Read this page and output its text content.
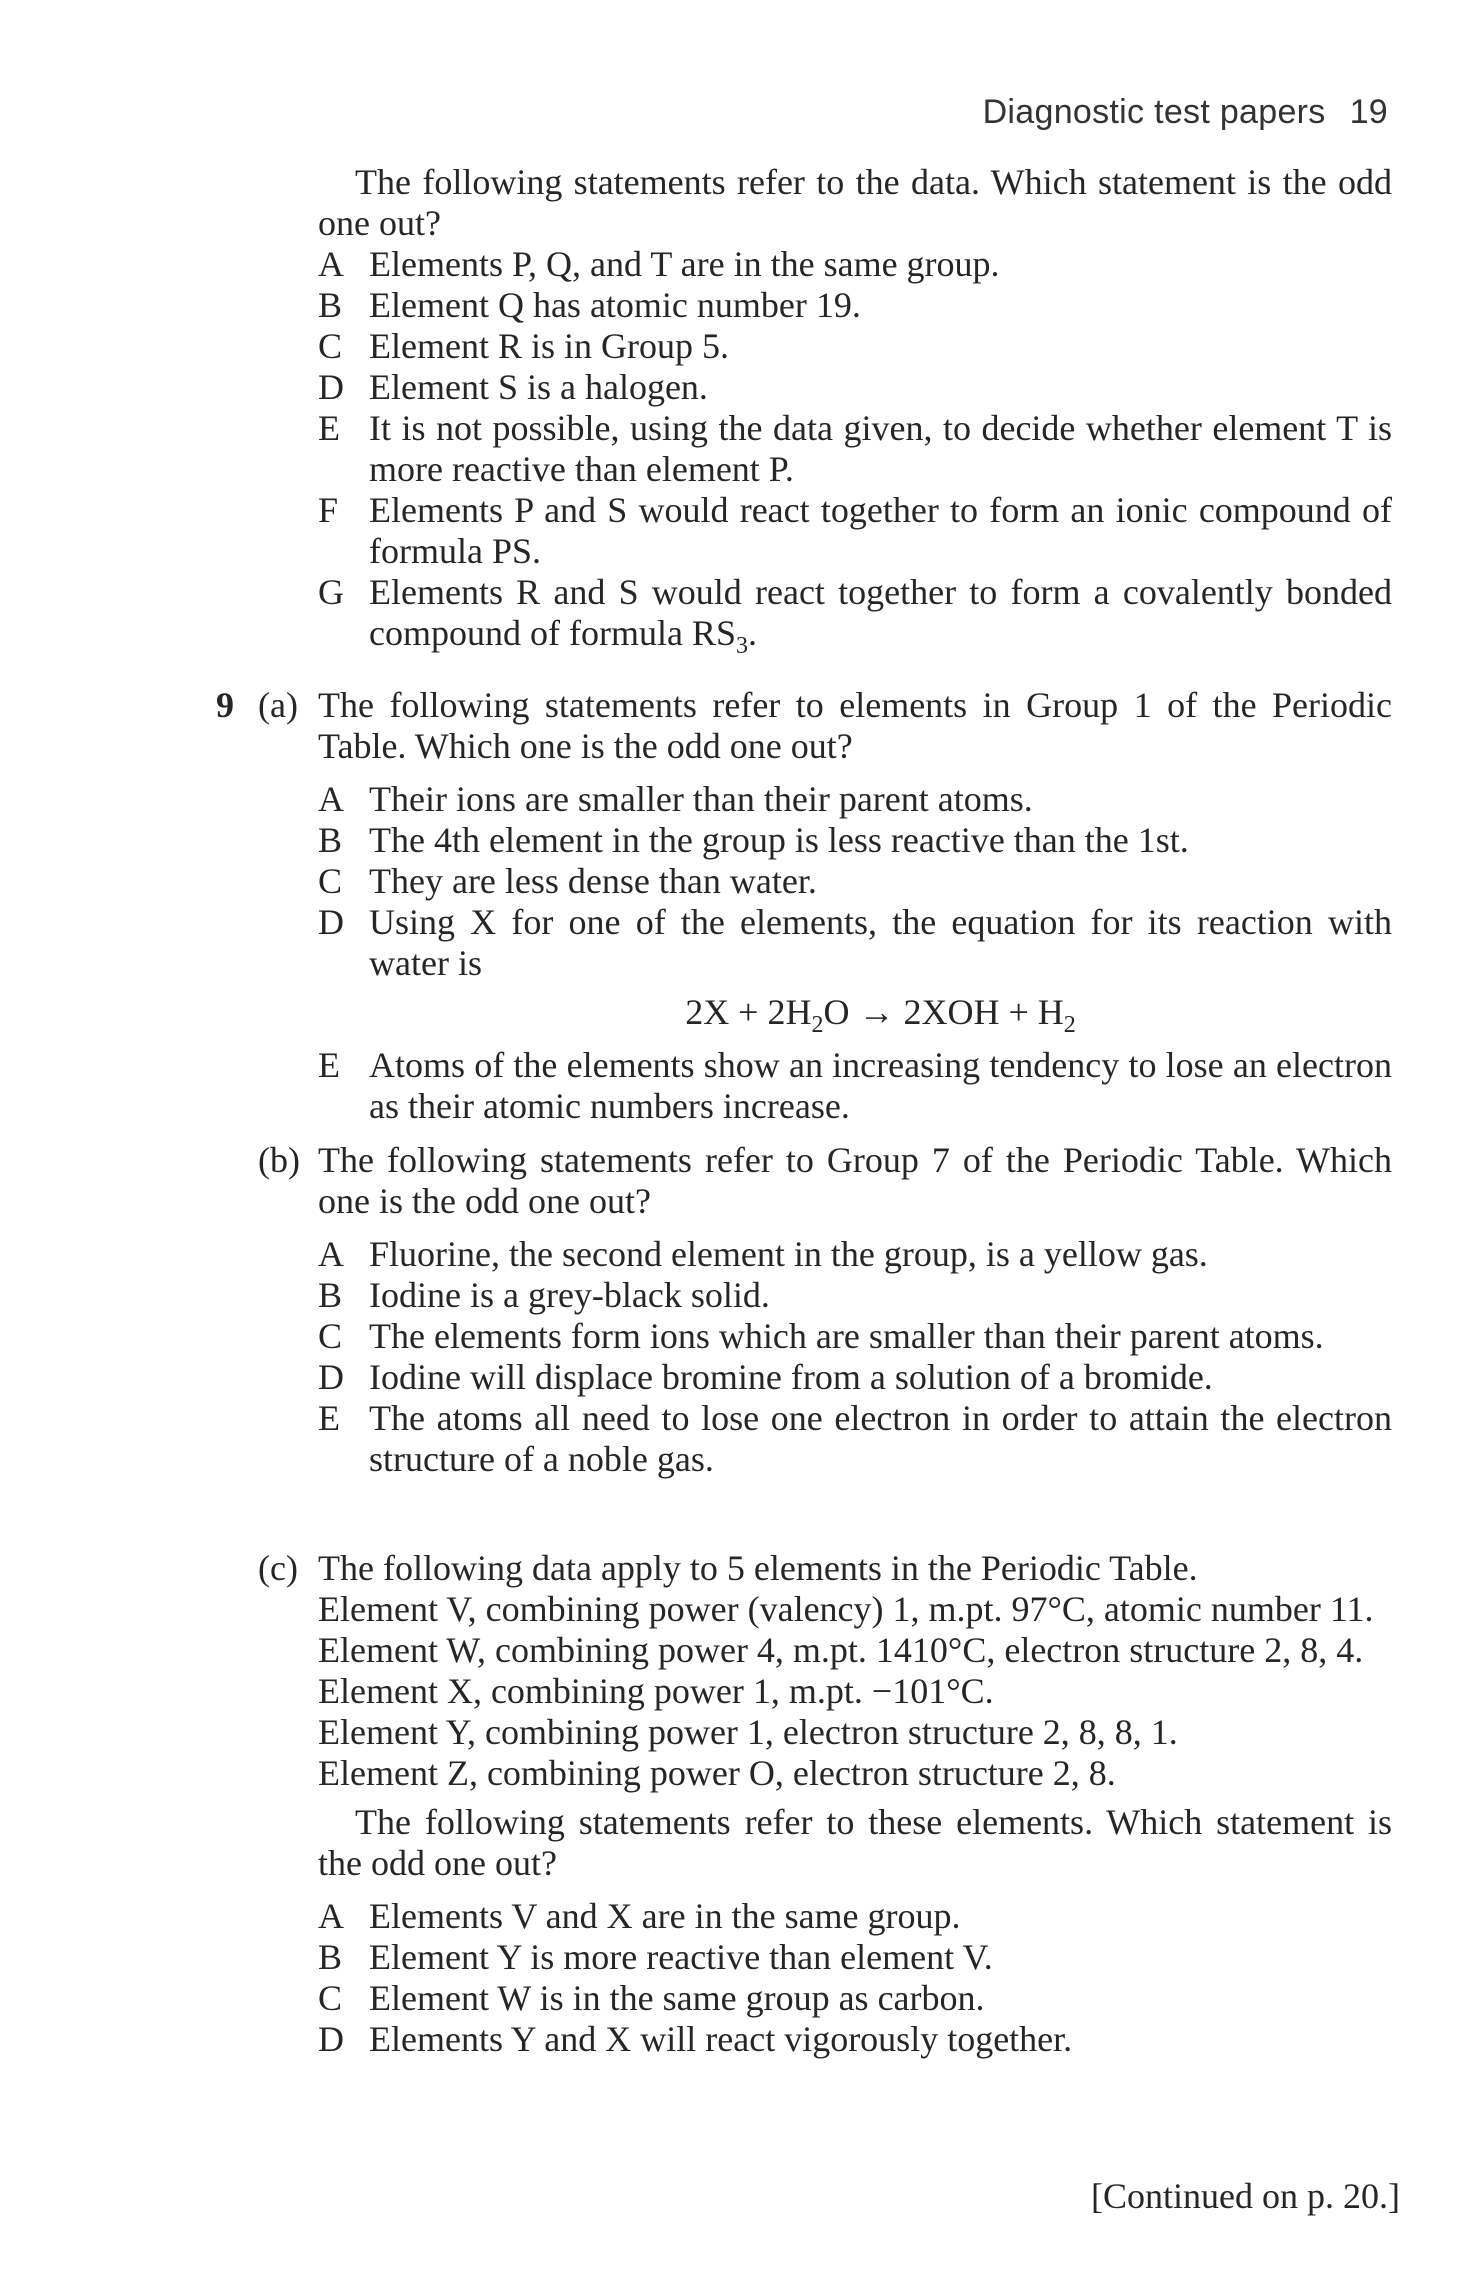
Diagnostic test papers 19

The following statements refer to the data. Which statement is the odd one out?

A Elements P, Q, and T are in the same group.
B Element Q has atomic number 19.
C Element R is in Group 5.
D Element S is a halogen.
E It is not possible, using the data given, to decide whether element T is more reactive than element P.
F Elements P and S would react together to form an ionic compound of formula PS.
G Elements R and S would react together to form a covalently bonded compound of formula $RS_3$.
9 (a) The following statements refer to elements in Group 1 of the Periodic Table. Which one is the odd one out?
A Their ions are smaller than their parent atoms.
B The 4th element in the group is less reactive than the 1st.
C They are less dense than water.
D Using X for one of the elements, the equation for its reaction with water is
$2X + 2H_2O \to 2XOH + H_2$
E Atoms of the elements show an increasing tendency to lose an electron as their atomic numbers increase.
(b) The following statements refer to Group 7 of the Periodic Table. Which one is the odd one out?
A Fluorine, the second element in the group, is a yellow gas.
B Iodine is a grey-black solid.
C The elements form ions which are smaller than their parent atoms.
D Iodine will displace bromine from a solution of a bromide.
E The atoms all need to lose one electron in order to attain the electron structure of a noble gas.
(c) The following data apply to 5 elements in the Periodic Table.
Element V, combining power (valency) 1, m.pt. 97°C, atomic number 11.
Element W, combining power 4, m.pt. 1410°C, electron structure 2, 8, 4.
Element X, combining power 1, m.pt. −101°C.
Element Y, combining power 1, electron structure 2, 8, 8, 1.
Element Z, combining power O, electron structure 2, 8.

The following statements refer to these elements. Which statement is the odd one out?

A Elements V and X are in the same group.
B Element Y is more reactive than element V.
C Element W is in the same group as carbon.
D Elements Y and X will react vigorously together.
[Continued on p. 20.]
